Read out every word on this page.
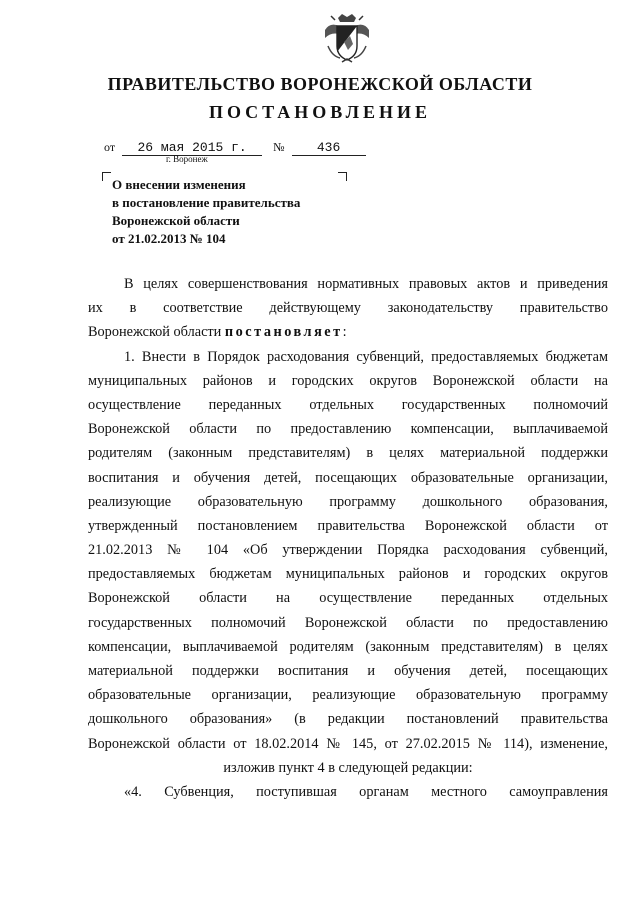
ПРАВИТЕЛЬСТВО ВОРОНЕЖСКОЙ ОБЛАСТИ
ПОСТАНОВЛЕНИЕ
от 26 мая 2015 г. № 436
г. Воронеж
О внесении изменения
в постановление правительства
Воронежской области
от 21.02.2013 № 104
В целях совершенствования нормативных правовых актов и приведения
их в соответствие действующему законодательству правительство
Воронежской области постановляет:
1. Внести в Порядок расходования субвенций, предоставляемых бюджетам
муниципальных районов и городских округов Воронежской области на
осуществление переданных отдельных государственных полномочий
Воронежской области по предоставлению компенсации, выплачиваемой
родителям (законным представителям) в целях материальной поддержки
воспитания и обучения детей, посещающих образовательные организации,
реализующие образовательную программу дошкольного образования,
утвержденный постановлением правительства Воронежской области от
21.02.2013 № 104 «Об утверждении Порядка расходования субвенций,
предоставляемых бюджетам муниципальных районов и городских округов
Воронежской области на осуществление переданных отдельных
государственных полномочий Воронежской области по предоставлению
компенсации, выплачиваемой родителям (законным представителям) в целях
материальной поддержки воспитания и обучения детей, посещающих
образовательные организации, реализующие образовательную программу
дошкольного образования» (в редакции постановлений правительства
Воронежской области от 18.02.2014 № 145, от 27.02.2015 № 114), изменение,
изложив пункт 4 в следующей редакции:
«4. Субвенция, поступившая органам местного самоуправления
